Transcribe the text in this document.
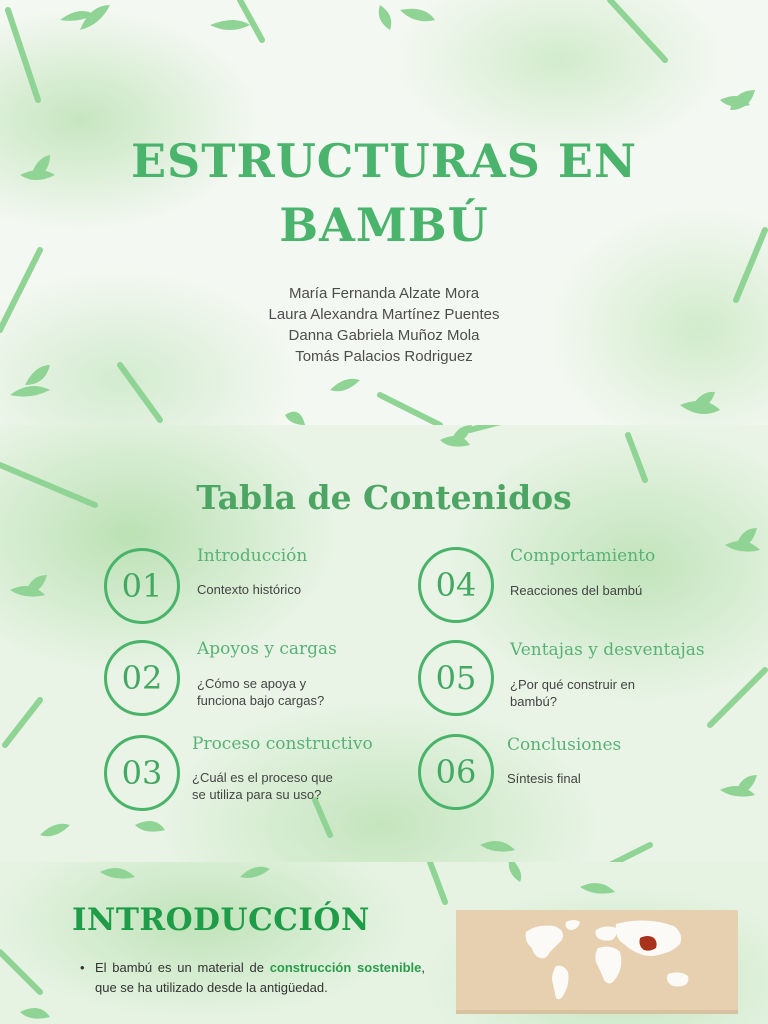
ESTRUCTURAS EN
BAMBÚ
María Fernanda Alzate Mora
Laura Alexandra Martínez Puentes
Danna Gabriela Muñoz Mola
Tomás Palacios Rodriguez
Tabla de Contenidos
01
Introducción
Contexto histórico
02
Apoyos y cargas
¿Cómo se apoya y
funciona bajo cargas?
03
Proceso constructivo
¿Cuál es el proceso que
se utiliza para su uso?
04
Comportamiento
Reacciones del bambú
05
Ventajas y desventajas
¿Por qué construir en
bambú?
06
Conclusiones
Síntesis final
INTRODUCCIÓN
• El bambú es un material de construcción sostenible, que se ha utilizado desde la antigüedad.
